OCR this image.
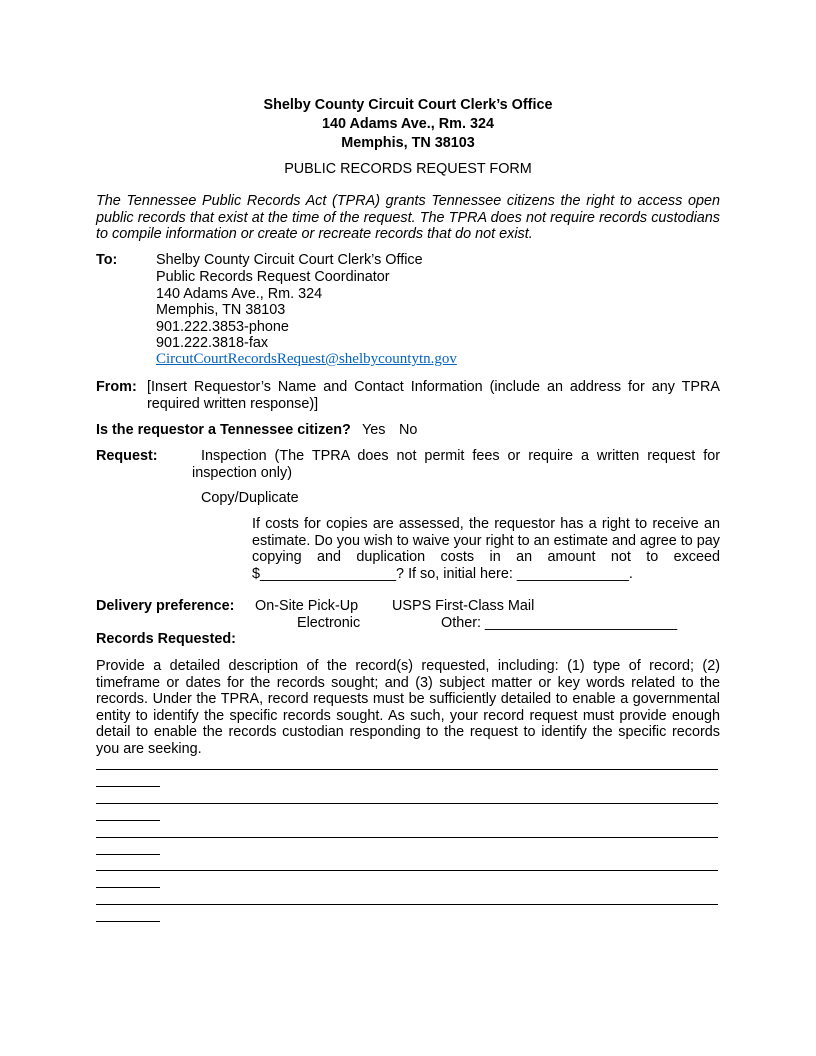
Shelby County Circuit Court Clerk’s Office
140 Adams Ave., Rm. 324
Memphis, TN 38103
PUBLIC RECORDS REQUEST FORM
The Tennessee Public Records Act (TPRA) grants Tennessee citizens the right to access open public records that exist at the time of the request. The TPRA does not require records custodians to compile information or create or recreate records that do not exist.
To:	Shelby County Circuit Court Clerk’s Office
Public Records Request Coordinator
140 Adams Ave., Rm. 324
Memphis, TN 38103
901.222.3853-phone
901.222.3818-fax
CircutCourtRecordsRequest@shelbycountytn.gov
From: [Insert Requestor’s Name and Contact Information (include an address for any TPRA required written response)]
Is the requestor a Tennessee citizen? Yes No
Request:	Inspection (The TPRA does not permit fees or require a written request for inspection only)
Copy/Duplicate
If costs for copies are assessed, the requestor has a right to receive an estimate. Do you wish to waive your right to an estimate and agree to pay copying and duplication costs in an amount not to exceed $_________________? If so, initial here: ______________.
Delivery preference: On-Site Pick-Up USPS First-Class Mail
Electronic	Other: ________________________
Records Requested:
Provide a detailed description of the record(s) requested, including: (1) type of record; (2) timeframe or dates for the records sought; and (3) subject matter or key words related to the records. Under the TPRA, record requests must be sufficiently detailed to enable a governmental entity to identify the specific records sought. As such, your record request must provide enough detail to enable the records custodian responding to the request to identify the specific records you are seeking.
